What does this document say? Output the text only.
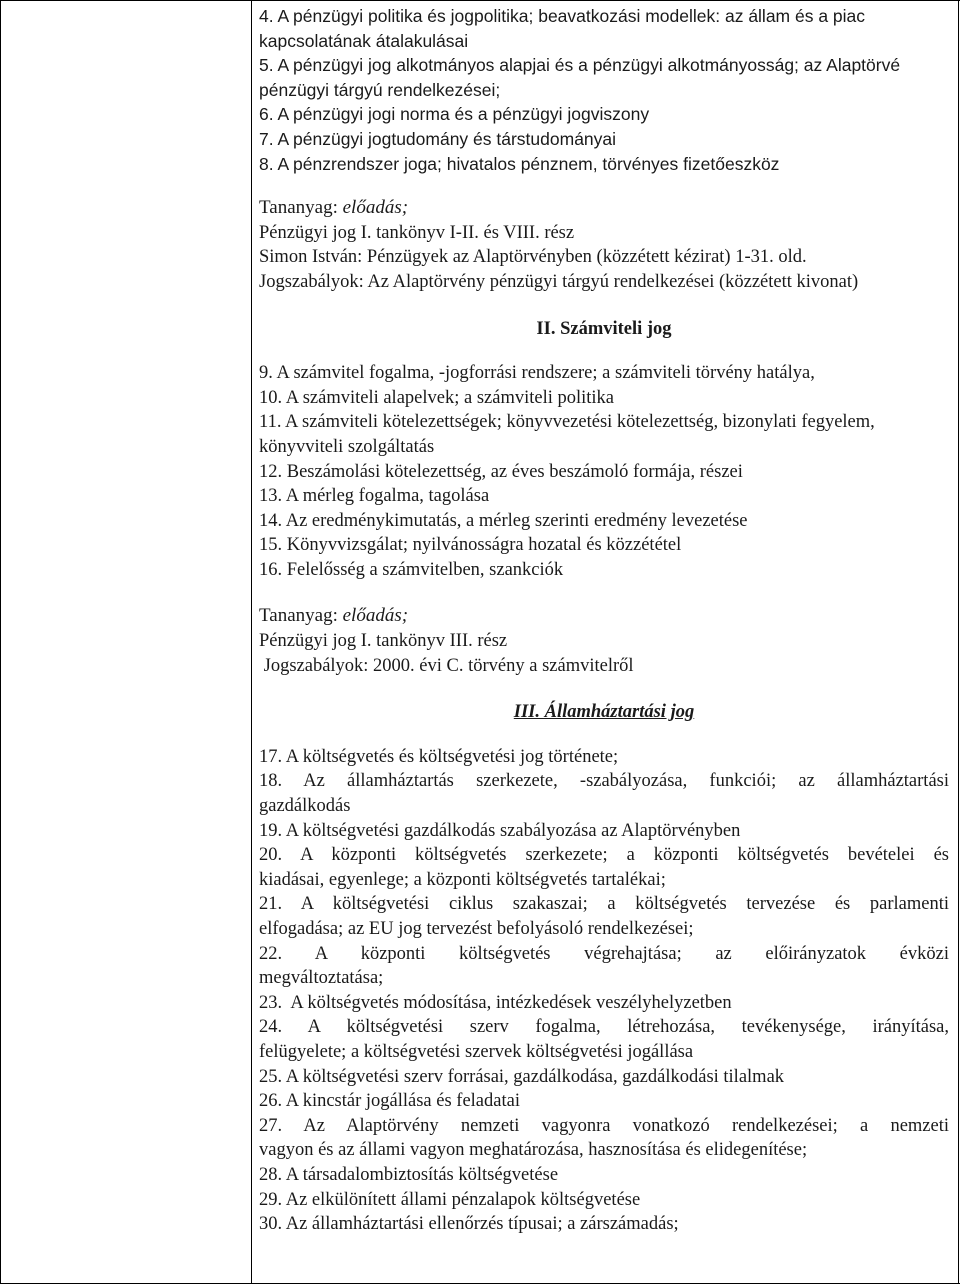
4. A pénzügyi politika és jogpolitika; beavatkozási modellek: az állam és a piac
kapcsolatának átalakulásai
5. A pénzügyi jog alkotmányos alapjai és a pénzügyi alkotmányosság; az Alaptörvé
pénzügyi tárgyú rendelkezései;
6. A pénzügyi jogi norma és a pénzügyi jogviszony
7. A pénzügyi jogtudomány és társtudományai
8. A pénzrendszer joga; hivatalos pénznem, törvényes fizetőeszköz
Tananyag: előadás;
Pénzügyi jog I. tankönyv I-II. és VIII. rész
Simon István: Pénzügyek az Alaptörvényben (közzétett kézirat) 1-31. old.
Jogszabályok: Az Alaptörvény pénzügyi tárgyú rendelkezései (közzétett kivonat)
II. Számviteli jog
9. A számvitel fogalma, -jogforrási rendszere; a számviteli törvény hatálya,
10. A számviteli alapelvek; a számviteli politika
11. A számviteli kötelezettségek; könyvvezetési kötelezettség, bizonylati fegyelem,
könyvviteli szolgáltatás
12. Beszámolási kötelezettség, az éves beszámoló formája, részei
13. A mérleg fogalma, tagolása
14. Az eredménykimutatás, a mérleg szerinti eredmény levezetése
15. Könyvvizsgálat; nyilvánosságra hozatal és közzététel
16. Felelősség a számvitelben, szankciók
Tananyag: előadás;
Pénzügyi jog I. tankönyv III. rész
Jogszabályok: 2000. évi C. törvény a számvitelről
III. Államháztartási jog
17. A költségvetés és költségvetési jog története;
18. Az államháztartás szerkezete, -szabályozása, funkciói; az államháztartási
gazdálkodás
19. A költségvetési gazdálkodás szabályozása az Alaptörvényben
20. A központi költségvetés szerkezete; a központi költségvetés bevételei és
kiadásai, egyenlege; a központi költségvetés tartalékai;
21. A költségvetési ciklus szakaszai; a költségvetés tervezése és parlamenti
elfogadása; az EU jog tervezést befolyásoló rendelkezései;
22. A központi költségvetés végrehajtása; az előirányzatok évközi
megváltoztatása;
23.  A költségvetés módosítása, intézkedések veszélyhelyzetben
24. A költségvetési szerv fogalma, létrehozása, tevékenysége, irányítása,
felügyelete; a költségvetési szervek költségvetési jogállása
25. A költségvetési szerv forrásai, gazdálkodása, gazdálkodási tilalmak
26. A kincstár jogállása és feladatai
27. Az Alaptörvény nemzeti vagyonra vonatkozó rendelkezései; a nemzeti
vagyon és az állami vagyon meghatározása, hasznosítása és elidegenítése;
28. A társadalombiztosítás költségvetése
29. Az elkülönített állami pénzalapok költségvetése
30. Az államháztartási ellenőrzés típusai; a zárszámadás;
